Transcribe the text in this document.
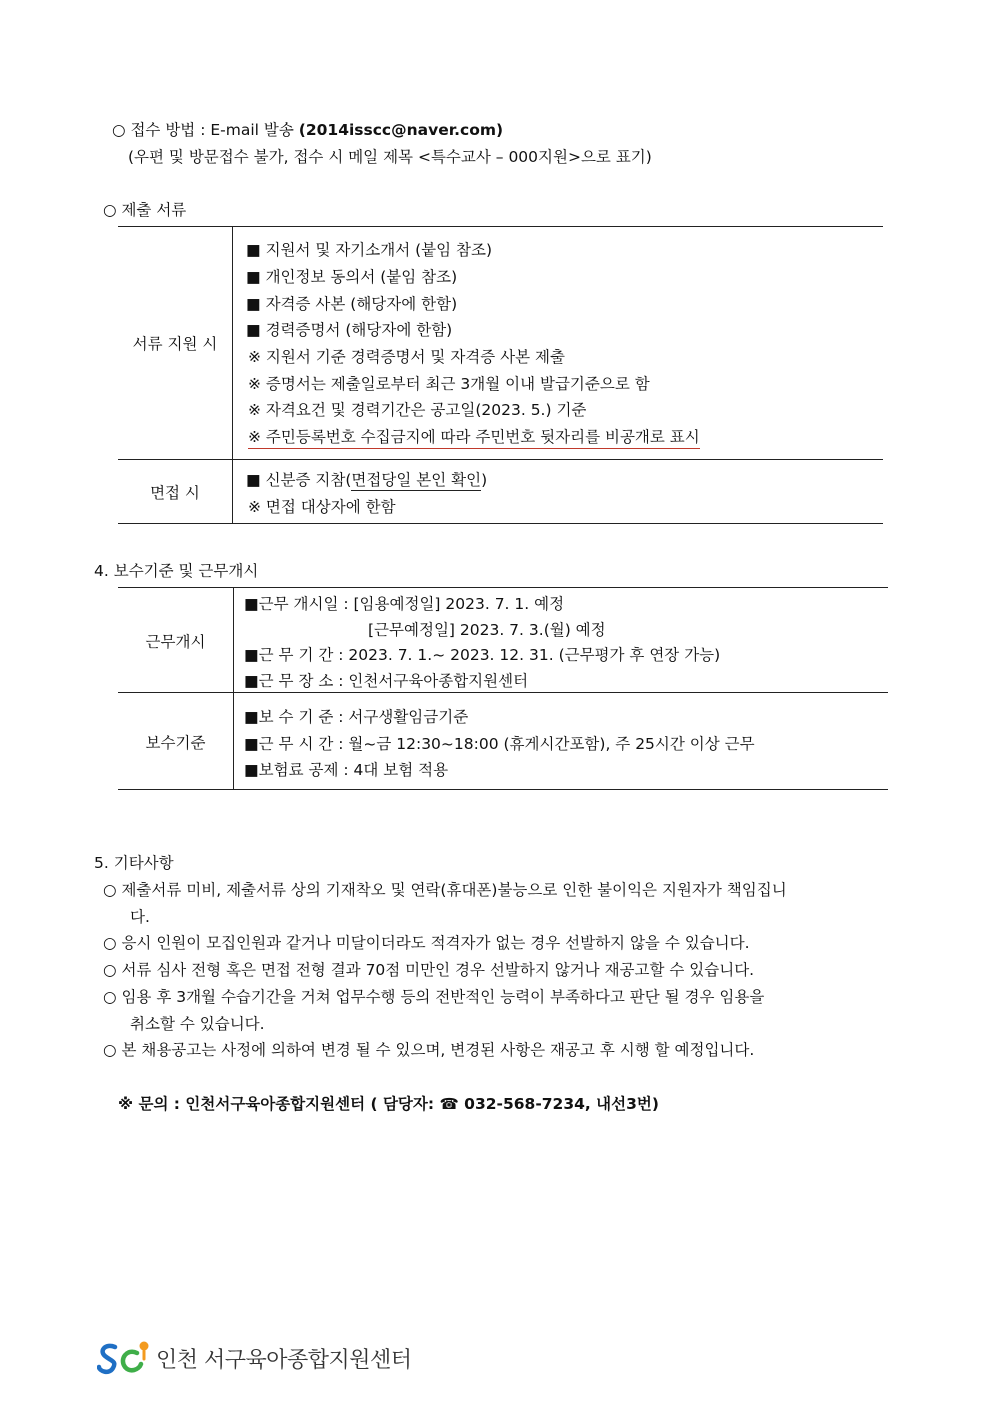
○ 접수 방법 : E-mail 발송 (2014isscc@naver.com)
(우편 및 방문접수 불가, 접수 시 메일 제목 <특수교사 – 000지원>으로 표기)
○ 제출 서류
서류 지원 시
■ 지원서 및 자기소개서 (붙임 참조)
■ 개인정보 동의서 (붙임 참조)
■ 자격증 사본 (해당자에 한함)
■ 경력증명서 (해당자에 한함)
※ 지원서 기준 경력증명서 및 자격증 사본 제출
※ 증명서는 제출일로부터 최근 3개월 이내 발급기준으로 함
※ 자격요건 및 경력기간은 공고일(2023. 5.) 기준
※ 주민등록번호 수집금지에 따라 주민번호 뒷자리를 비공개로 표시
면접 시
■ 신분증 지참(면접당일 본인 확인)
※ 면접 대상자에 한함
4. 보수기준 및 근무개시
근무개시
■근무 개시일 : [임용예정일] 2023. 7. 1. 예정
[근무예정일] 2023. 7. 3.(월) 예정
■근 무 기 간 : 2023. 7. 1.~ 2023. 12. 31. (근무평가 후 연장 가능)
■근 무 장 소 : 인천서구육아종합지원센터
보수기준
■보 수 기 준 : 서구생활임금기준
■근 무 시 간 : 월~금 12:30~18:00 (휴게시간포함), 주 25시간 이상 근무
■보험료 공제 : 4대 보험 적용
5. 기타사항
○ 제출서류 미비, 제출서류 상의 기재착오 및 연락(휴대폰)불능으로 인한 불이익은 지원자가 책임집니
다.
○ 응시 인원이 모집인원과 같거나 미달이더라도 적격자가 없는 경우 선발하지 않을 수 있습니다.
○ 서류 심사 전형 혹은 면접 전형 결과 70점 미만인 경우 선발하지 않거나 재공고할 수 있습니다.
○ 임용 후 3개월 수습기간을 거쳐 업무수행 등의 전반적인 능력이 부족하다고 판단 될 경우 임용을
취소할 수 있습니다.
○ 본 채용공고는 사정에 의하여 변경 될 수 있으며, 변경된 사항은 재공고 후 시행 할 예정입니다.
※ 문의 : 인천서구육아종합지원센터 ( 담당자: ☎ 032-568-7234, 내선3번)
인천 서구육아종합지원센터
